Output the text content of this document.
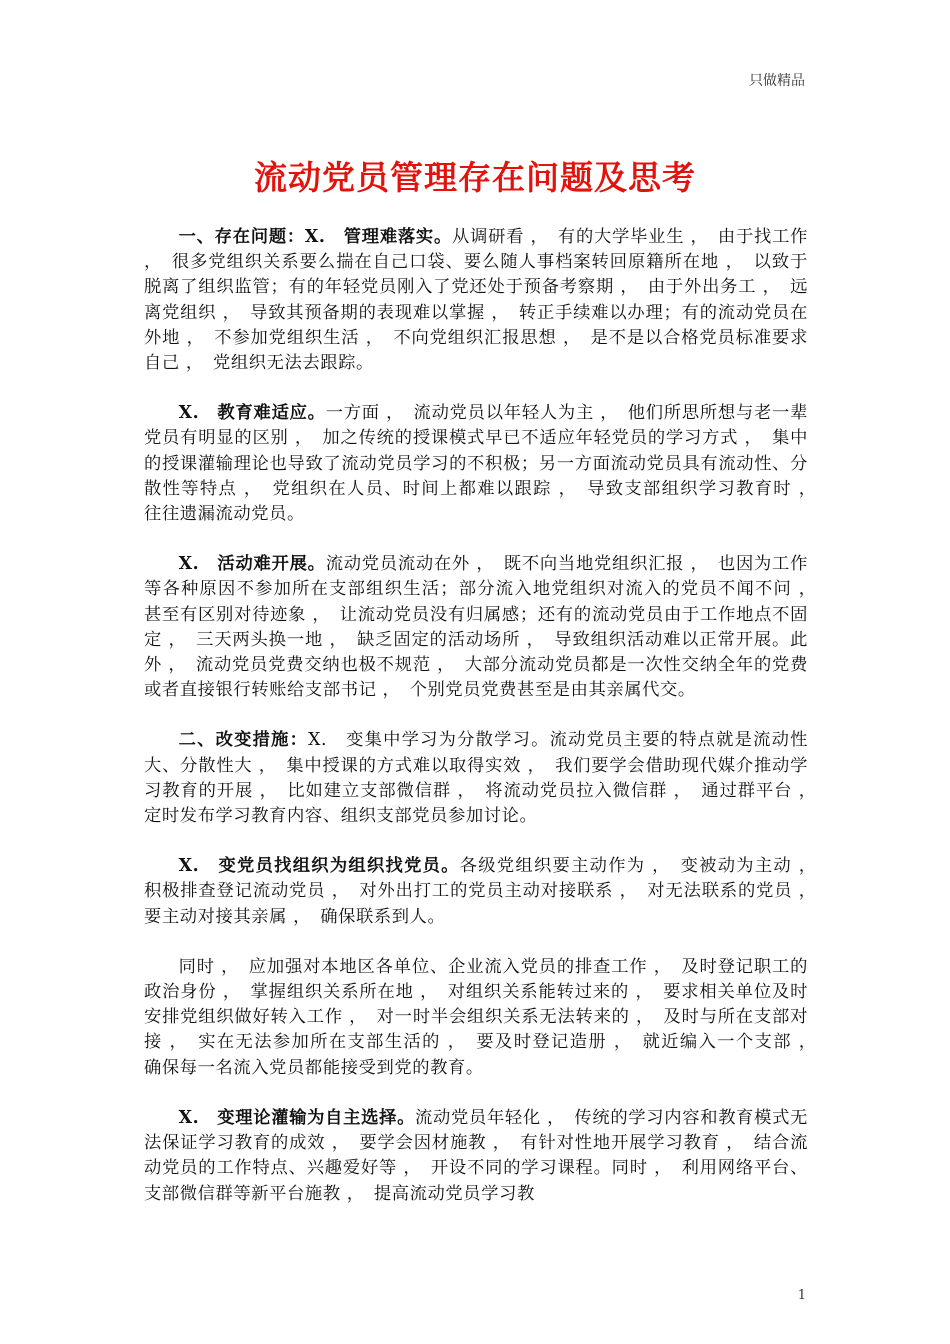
只做精品
流动党员管理存在问题及思考

一、存在问题：X.　管理难落实。从调研看 ，　有的大学毕业生 ，　由于找工作 ，　很多党组织关系要么揣在自己口袋、要么随人事档案转回原籍所在地 ，　以致于脱离了组织监管；有的年轻党员刚入了党还处于预备考察期 ，　由于外出务工 ，　远离党组织 ，　导致其预备期的表现难以掌握 ，　转正手续难以办理；有的流动党员在外地 ，　不参加党组织生活 ，　不向党组织汇报思想 ，　是不是以合格党员标准要求自己 ，　党组织无法去跟踪。

X.　教育难适应。一方面 ，　流动党员以年轻人为主 ，　他们所思所想与老一辈党员有明显的区别 ，　加之传统的授课模式早已不适应年轻党员的学习方式 ，　集中的授课灌输理论也导致了流动党员学习的不积极；另一方面流动党员具有流动性、分散性等特点 ，　党组织在人员、时间上都难以跟踪 ，　导致支部组织学习教育时 ，　往往遗漏流动党员。

X.　活动难开展。流动党员流动在外 ，　既不向当地党组织汇报 ，　也因为工作等各种原因不参加所在支部组织生活；部分流入地党组织对流入的党员不闻不问 ，　甚至有区别对待迹象 ，　让流动党员没有归属感；还有的流动党员由于工作地点不固定 ，　三天两头换一地 ，　缺乏固定的活动场所 ，　导致组织活动难以正常开展。此外 ，　流动党员党费交纳也极不规范 ，　大部分流动党员都是一次性交纳全年的党费或者直接银行转账给支部书记 ，　个别党员党费甚至是由其亲属代交。

二、改变措施：X.　变集中学习为分散学习。流动党员主要的特点就是流动性大、分散性大 ，　集中授课的方式难以取得实效 ，　我们要学会借助现代媒介推动学习教育的开展 ，　比如建立支部微信群 ，　将流动党员拉入微信群 ，　通过群平台 ，　定时发布学习教育内容、组织支部党员参加讨论。

X.　变党员找组织为组织找党员。各级党组织要主动作为 ，　变被动为主动 ，　积极排查登记流动党员 ，　对外出打工的党员主动对接联系 ，　对无法联系的党员 ，　要主动对接其亲属 ，　确保联系到人。

同时 ，　应加强对本地区各单位、企业流入党员的排查工作 ，　及时登记职工的政治身份 ，　掌握组织关系所在地 ，　对组织关系能转过来的 ，　要求相关单位及时安排党组织做好转入工作 ，　对一时半会组织关系无法转来的 ，　及时与所在支部对接 ，　实在无法参加所在支部生活的 ，　要及时登记造册 ，　就近编入一个支部 ，　确保每一名流入党员都能接受到党的教育。

X.　变理论灌输为自主选择。流动党员年轻化 ，　传统的学习内容和教育模式无法保证学习教育的成效 ，　要学会因材施教 ，　有针对性地开展学习教育 ，　结合流动党员的工作特点、兴趣爱好等 ，　开设不同的学习课程。同时 ，　利用网络平台、支部微信群等新平台施教 ，　提高流动党员学习教

1
